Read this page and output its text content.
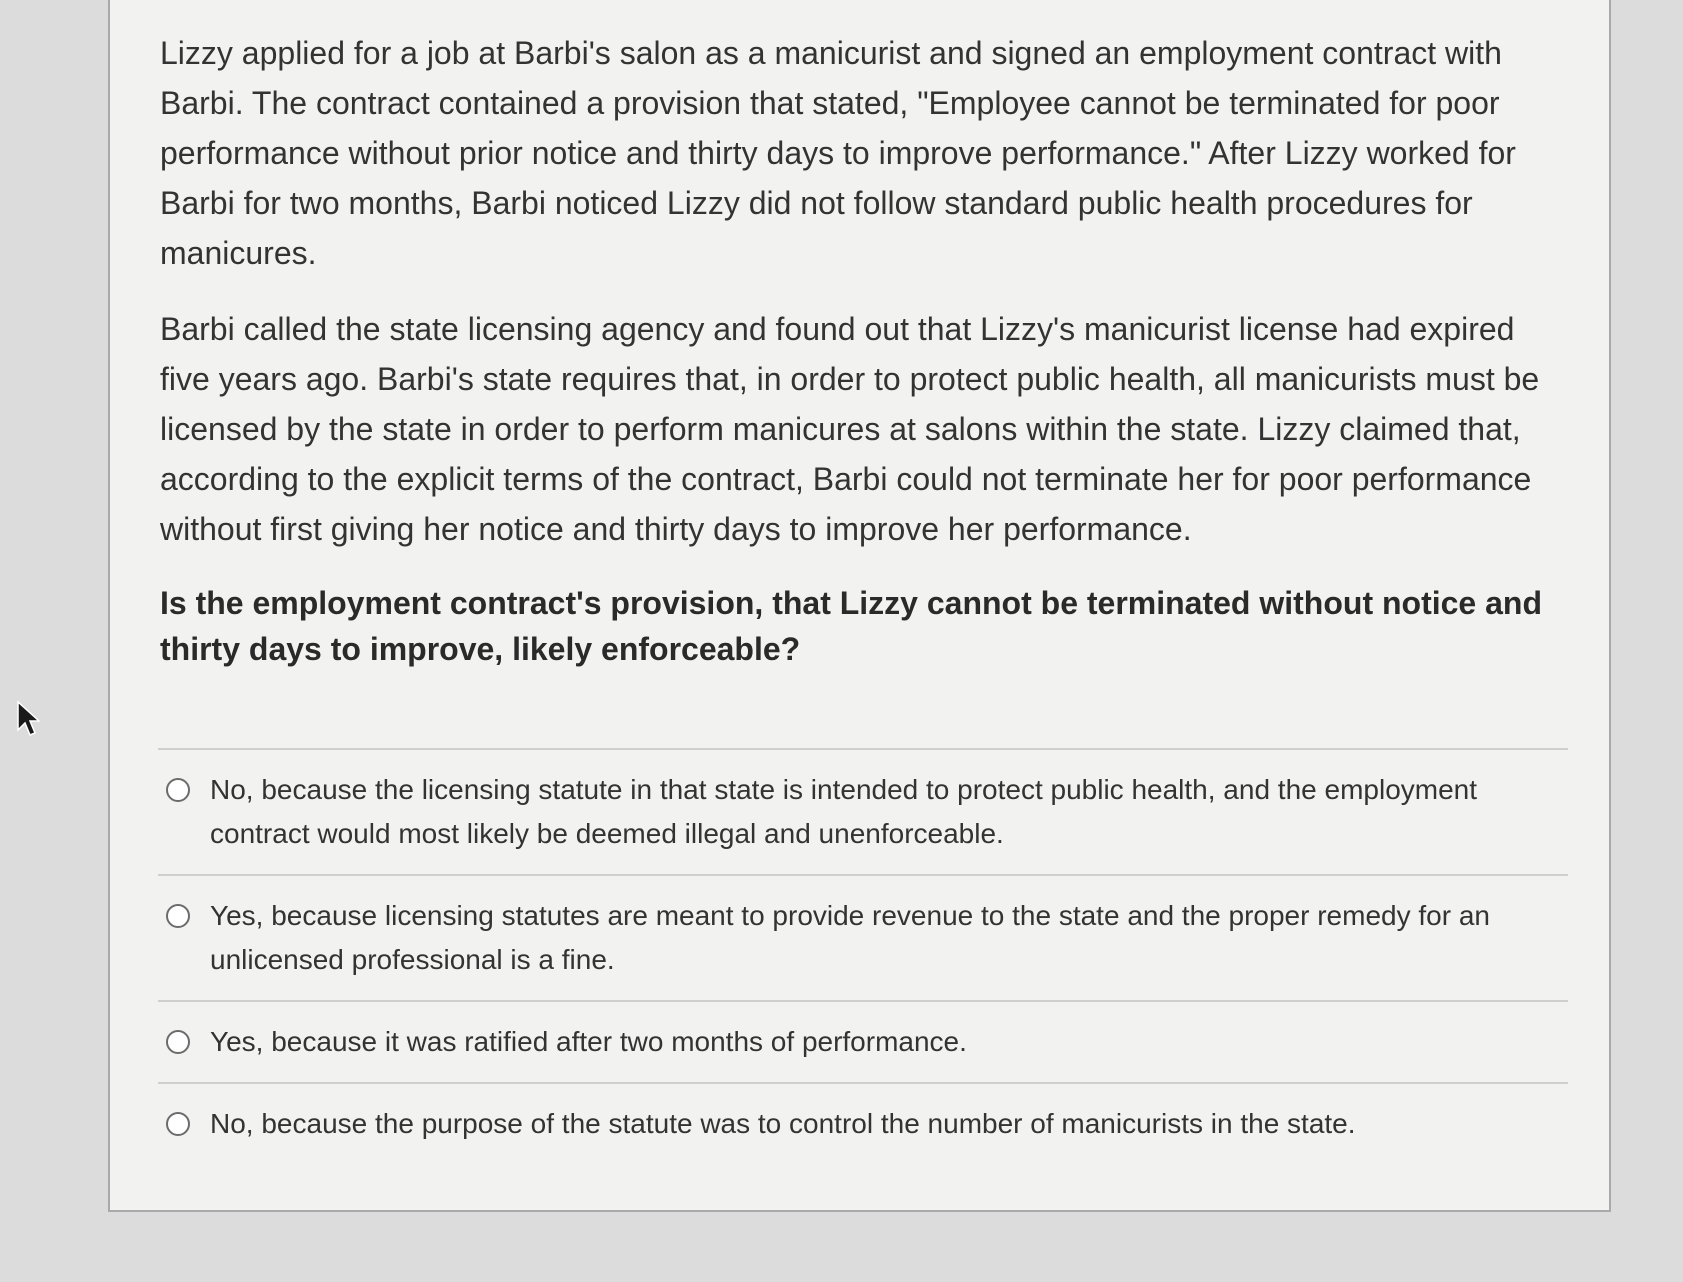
Lizzy applied for a job at Barbi's salon as a manicurist and signed an employment contract with Barbi. The contract contained a provision that stated, "Employee cannot be terminated for poor performance without prior notice and thirty days to improve performance." After Lizzy worked for Barbi for two months, Barbi noticed Lizzy did not follow standard public health procedures for manicures.

Barbi called the state licensing agency and found out that Lizzy's manicurist license had expired five years ago. Barbi's state requires that, in order to protect public health, all manicurists must be licensed by the state in order to perform manicures at salons within the state. Lizzy claimed that, according to the explicit terms of the contract, Barbi could not terminate her for poor performance without first giving her notice and thirty days to improve her performance.

Is the employment contract's provision, that Lizzy cannot be terminated without notice and thirty days to improve, likely enforceable?

No, because the licensing statute in that state is intended to protect public health, and the employment contract would most likely be deemed illegal and unenforceable.
Yes, because licensing statutes are meant to provide revenue to the state and the proper remedy for an unlicensed professional is a fine.
Yes, because it was ratified after two months of performance.
No, because the purpose of the statute was to control the number of manicurists in the state.
